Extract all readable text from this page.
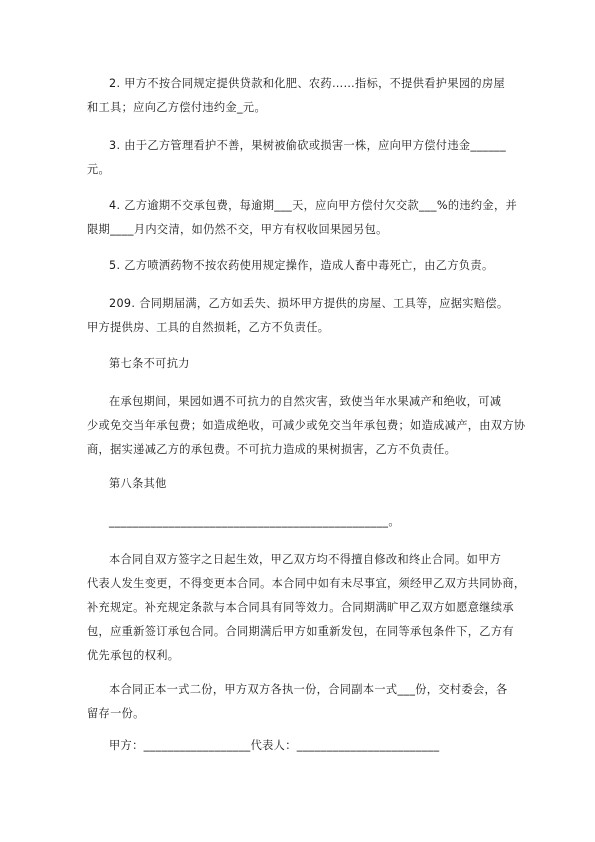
2. 甲方不按合同规定提供贷款和化肥、农药……指标，不提供看护果园的房屋
和工具；应向乙方偿付违约金_元。
3. 由于乙方管理看护不善，果树被偷砍或损害一株，应向甲方偿付违金______
元。
4. 乙方逾期不交承包费，每逾期___天，应向甲方偿付欠交款___%的违约金，并
限期____月内交清，如仍然不交，甲方有权收回果园另包。
5. 乙方喷洒药物不按农药使用规定操作，造成人畜中毒死亡，由乙方负责。
209. 合同期届满，乙方如丢失、损坏甲方提供的房屋、工具等，应据实赔偿。
甲方提供房、工具的自然损耗，乙方不负责任。
第七条不可抗力
在承包期间，果园如遇不可抗力的自然灾害，致使当年水果减产和绝收，可减
少或免交当年承包费；如造成绝收，可减少或免交当年承包费；如造成减产，由双方协
商，据实递减乙方的承包费。不可抗力造成的果树损害，乙方不负责任。
第八条其他
_______________________________________________。
本合同自双方签字之日起生效，甲乙双方均不得擅自修改和终止合同。如甲方
代表人发生变更，不得变更本合同。本合同中如有未尽事宜，须经甲乙双方共同协商，
补充规定。补充规定条款与本合同具有同等效力。合同期满旷甲乙双方如愿意继续承
包，应重新签订承包合同。合同期满后甲方如重新发包，在同等承包条件下，乙方有
优先承包的权利。
本合同正本一式二份，甲方双方各执一份，合同副本一式___份，交村委会，各
留存一份。
甲方：__________________代表人：________________________
